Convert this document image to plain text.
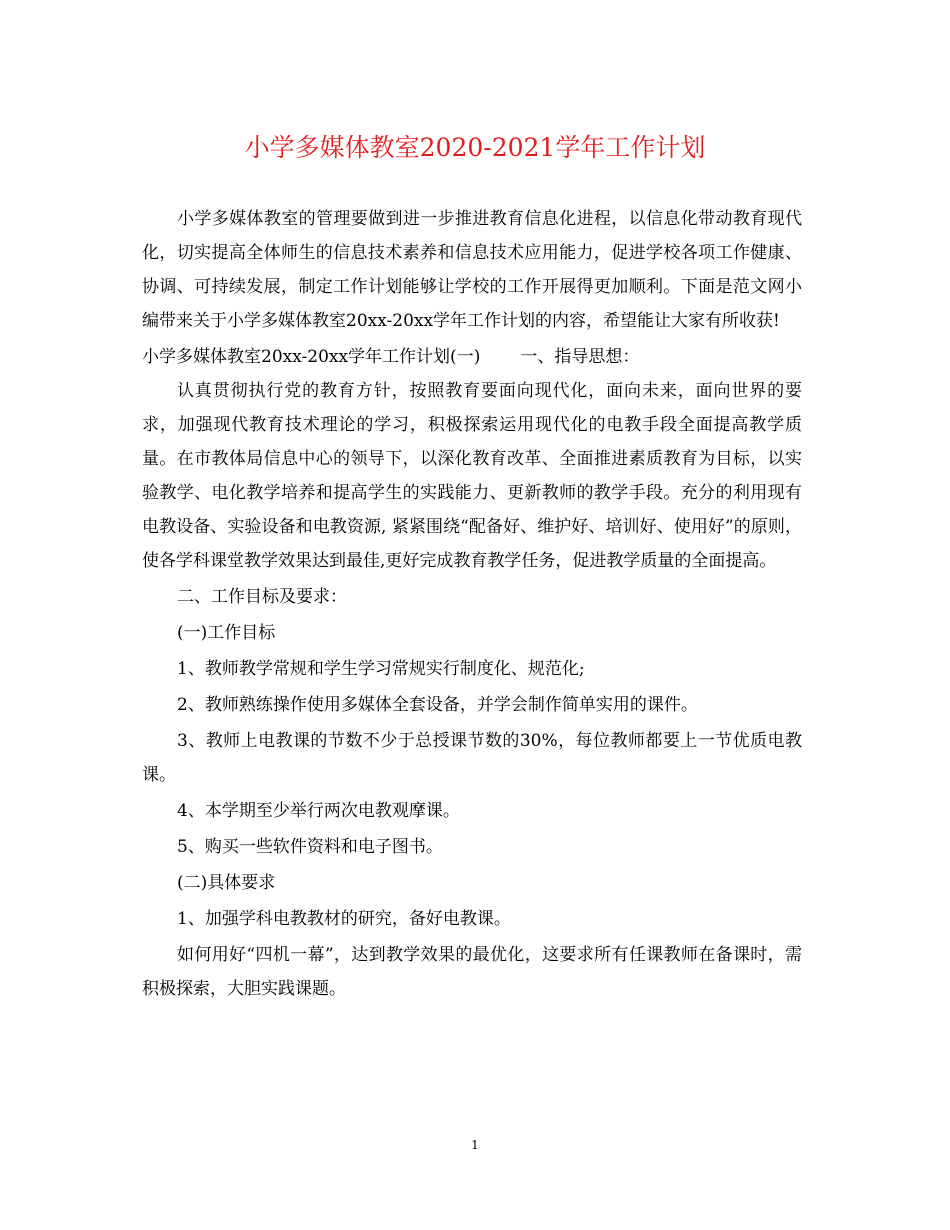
小学多媒体教室2020-2021学年工作计划

小学多媒体教室的管理要做到进一步推进教育信息化进程，以信息化带动教育现代化，切实提高全体师生的信息技术素养和信息技术应用能力，促进学校各项工作健康、协调、可持续发展，制定工作计划能够让学校的工作开展得更加顺利。下面是范文网小编带来关于小学多媒体教室20xx-20xx学年工作计划的内容，希望能让大家有所收获!

小学多媒体教室20xx-20xx学年工作计划(一) 一、指导思想：

认真贯彻执行党的教育方针，按照教育要面向现代化，面向未来，面向世界的要求，加强现代教育技术理论的学习，积极探索运用现代化的电教手段全面提高教学质量。在市教体局信息中心的领导下，以深化教育改革、全面推进素质教育为目标，以实验教学、电化教学培养和提高学生的实践能力、更新教师的教学手段。充分的利用现有电教设备、实验设备和电教资源, 紧紧围绕“配备好、维护好、培训好、使用好”的原则，使各学科课堂教学效果达到最佳,更好完成教育教学任务，促进教学质量的全面提高。

二、工作目标及要求：

(一)工作目标

1、教师教学常规和学生学习常规实行制度化、规范化;

2、教师熟练操作使用多媒体全套设备，并学会制作简单实用的课件。

3、教师上电教课的节数不少于总授课节数的30%，每位教师都要上一节优质电教课。

4、本学期至少举行两次电教观摩课。

5、购买一些软件资料和电子图书。

(二)具体要求

1、加强学科电教教材的研究，备好电教课。

如何用好“四机一幕”，达到教学效果的最优化，这要求所有任课教师在备课时，需积极探索，大胆实践课题。

1
